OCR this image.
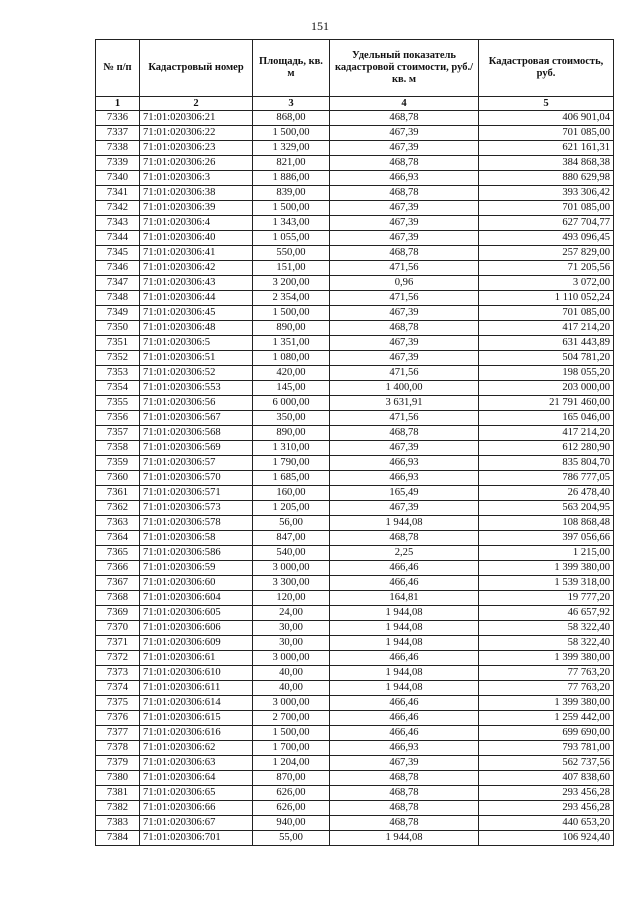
151
№ п/п	Кадастровый номер	Площадь, кв. м	Удельный показатель кадастровой стоимости, руб./кв. м	Кадастровая стоимость, руб.
1	2	3	4	5
7336	71:01:020306:21	868,00	468,78	406 901,04
7337	71:01:020306:22	1 500,00	467,39	701 085,00
7338	71:01:020306:23	1 329,00	467,39	621 161,31
7339	71:01:020306:26	821,00	468,78	384 868,38
7340	71:01:020306:3	1 886,00	466,93	880 629,98
7341	71:01:020306:38	839,00	468,78	393 306,42
7342	71:01:020306:39	1 500,00	467,39	701 085,00
7343	71:01:020306:4	1 343,00	467,39	627 704,77
7344	71:01:020306:40	1 055,00	467,39	493 096,45
7345	71:01:020306:41	550,00	468,78	257 829,00
7346	71:01:020306:42	151,00	471,56	71 205,56
7347	71:01:020306:43	3 200,00	0,96	3 072,00
7348	71:01:020306:44	2 354,00	471,56	1 110 052,24
7349	71:01:020306:45	1 500,00	467,39	701 085,00
7350	71:01:020306:48	890,00	468,78	417 214,20
7351	71:01:020306:5	1 351,00	467,39	631 443,89
7352	71:01:020306:51	1 080,00	467,39	504 781,20
7353	71:01:020306:52	420,00	471,56	198 055,20
7354	71:01:020306:553	145,00	1 400,00	203 000,00
7355	71:01:020306:56	6 000,00	3 631,91	21 791 460,00
7356	71:01:020306:567	350,00	471,56	165 046,00
7357	71:01:020306:568	890,00	468,78	417 214,20
7358	71:01:020306:569	1 310,00	467,39	612 280,90
7359	71:01:020306:57	1 790,00	466,93	835 804,70
7360	71:01:020306:570	1 685,00	466,93	786 777,05
7361	71:01:020306:571	160,00	165,49	26 478,40
7362	71:01:020306:573	1 205,00	467,39	563 204,95
7363	71:01:020306:578	56,00	1 944,08	108 868,48
7364	71:01:020306:58	847,00	468,78	397 056,66
7365	71:01:020306:586	540,00	2,25	1 215,00
7366	71:01:020306:59	3 000,00	466,46	1 399 380,00
7367	71:01:020306:60	3 300,00	466,46	1 539 318,00
7368	71:01:020306:604	120,00	164,81	19 777,20
7369	71:01:020306:605	24,00	1 944,08	46 657,92
7370	71:01:020306:606	30,00	1 944,08	58 322,40
7371	71:01:020306:609	30,00	1 944,08	58 322,40
7372	71:01:020306:61	3 000,00	466,46	1 399 380,00
7373	71:01:020306:610	40,00	1 944,08	77 763,20
7374	71:01:020306:611	40,00	1 944,08	77 763,20
7375	71:01:020306:614	3 000,00	466,46	1 399 380,00
7376	71:01:020306:615	2 700,00	466,46	1 259 442,00
7377	71:01:020306:616	1 500,00	466,46	699 690,00
7378	71:01:020306:62	1 700,00	466,93	793 781,00
7379	71:01:020306:63	1 204,00	467,39	562 737,56
7380	71:01:020306:64	870,00	468,78	407 838,60
7381	71:01:020306:65	626,00	468,78	293 456,28
7382	71:01:020306:66	626,00	468,78	293 456,28
7383	71:01:020306:67	940,00	468,78	440 653,20
7384	71:01:020306:701	55,00	1 944,08	106 924,40
